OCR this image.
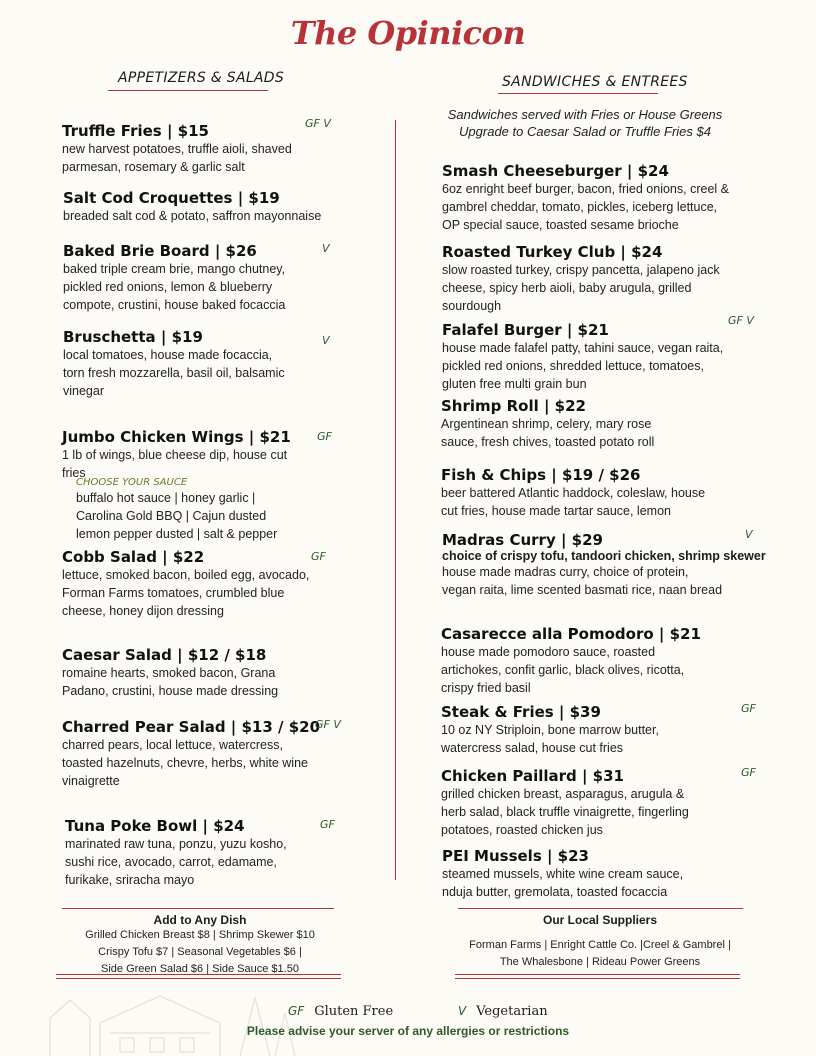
The Opinicon
APPETIZERS & SALADS	SANDWICHES & ENTREES
Sandwiches served with Fries or House Greens
Upgrade to Caesar Salad or Truffle Fries $4
Truffle Fries | $15
new harvest potatoes, truffle aioli, shaved
parmesan, rosemary & garlic salt
GF V
Salt Cod Croquettes | $19
breaded salt cod & potato, saffron mayonnaise
Baked Brie Board | $26
baked triple cream brie, mango chutney,
pickled red onions, lemon & blueberry
compote, crustini, house baked focaccia
V
Bruschetta | $19
local tomatoes, house made focaccia,
torn fresh mozzarella, basil oil, balsamic
vinegar
V
Jumbo Chicken Wings | $21
1 lb of wings, blue cheese dip, house cut
fries
GF
CHOOSE YOUR SAUCE
buffalo hot sauce | honey garlic |
Carolina Gold BBQ | Cajun dusted
lemon pepper dusted | salt & pepper
Cobb Salad | $22
lettuce, smoked bacon, boiled egg, avocado,
Forman Farms tomatoes, crumbled blue
cheese, honey dijon dressing
GF
Caesar Salad | $12 / $18
romaine hearts, smoked bacon, Grana
Padano, crustini, house made dressing
Charred Pear Salad | $13 / $20
charred pears, local lettuce, watercress,
toasted hazelnuts, chevre, herbs, white wine
vinaigrette
GF V
Tuna Poke Bowl | $24
marinated raw tuna, ponzu, yuzu kosho,
sushi rice, avocado, carrot, edamame,
furikake, sriracha mayo
GF
Smash Cheeseburger | $24
6oz enright beef burger, bacon, fried onions, creel &
gambrel cheddar, tomato, pickles, iceberg lettuce,
OP special sauce, toasted sesame brioche
Roasted Turkey Club | $24
slow roasted turkey, crispy pancetta, jalapeno jack
cheese, spicy herb aioli, baby arugula, grilled
sourdough
Falafel Burger | $21
house made falafel patty, tahini sauce, vegan raita,
pickled red onions, shredded lettuce, tomatoes,
gluten free multi grain bun
GF V
Shrimp Roll | $22
Argentinean shrimp, celery, mary rose
sauce, fresh chives, toasted potato roll
Fish & Chips | $19 / $26
beer battered Atlantic haddock, coleslaw, house
cut fries, house made tartar sauce, lemon
Madras Curry | $29
choice of crispy tofu, tandoori chicken, shrimp skewer
house made madras curry, choice of protein,
vegan raita, lime scented basmati rice, naan bread
V
Casarecce alla Pomodoro | $21
house made pomodoro sauce, roasted
artichokes, confit garlic, black olives, ricotta,
crispy fried basil
Steak & Fries | $39
10 oz NY Striploin, bone marrow butter,
watercress salad, house cut fries
GF
Chicken Paillard | $31
grilled chicken breast, asparagus, arugula &
herb salad, black truffle vinaigrette, fingerling
potatoes, roasted chicken jus
GF
PEI Mussels | $23
steamed mussels, white wine cream sauce,
nduja butter, gremolata, toasted focaccia
Add to Any Dish
Grilled Chicken Breast $8 | Shrimp Skewer $10
Crispy Tofu $7 | Seasonal Vegetables $6 |
Side Green Salad $6 | Side Sauce $1.50
Our Local Suppliers
Forman Farms | Enright Cattle Co. |Creel & Gambrel |
The Whalesbone | Rideau Power Greens
GF Gluten Free	V Vegetarian
Please advise your server of any allergies or restrictions
